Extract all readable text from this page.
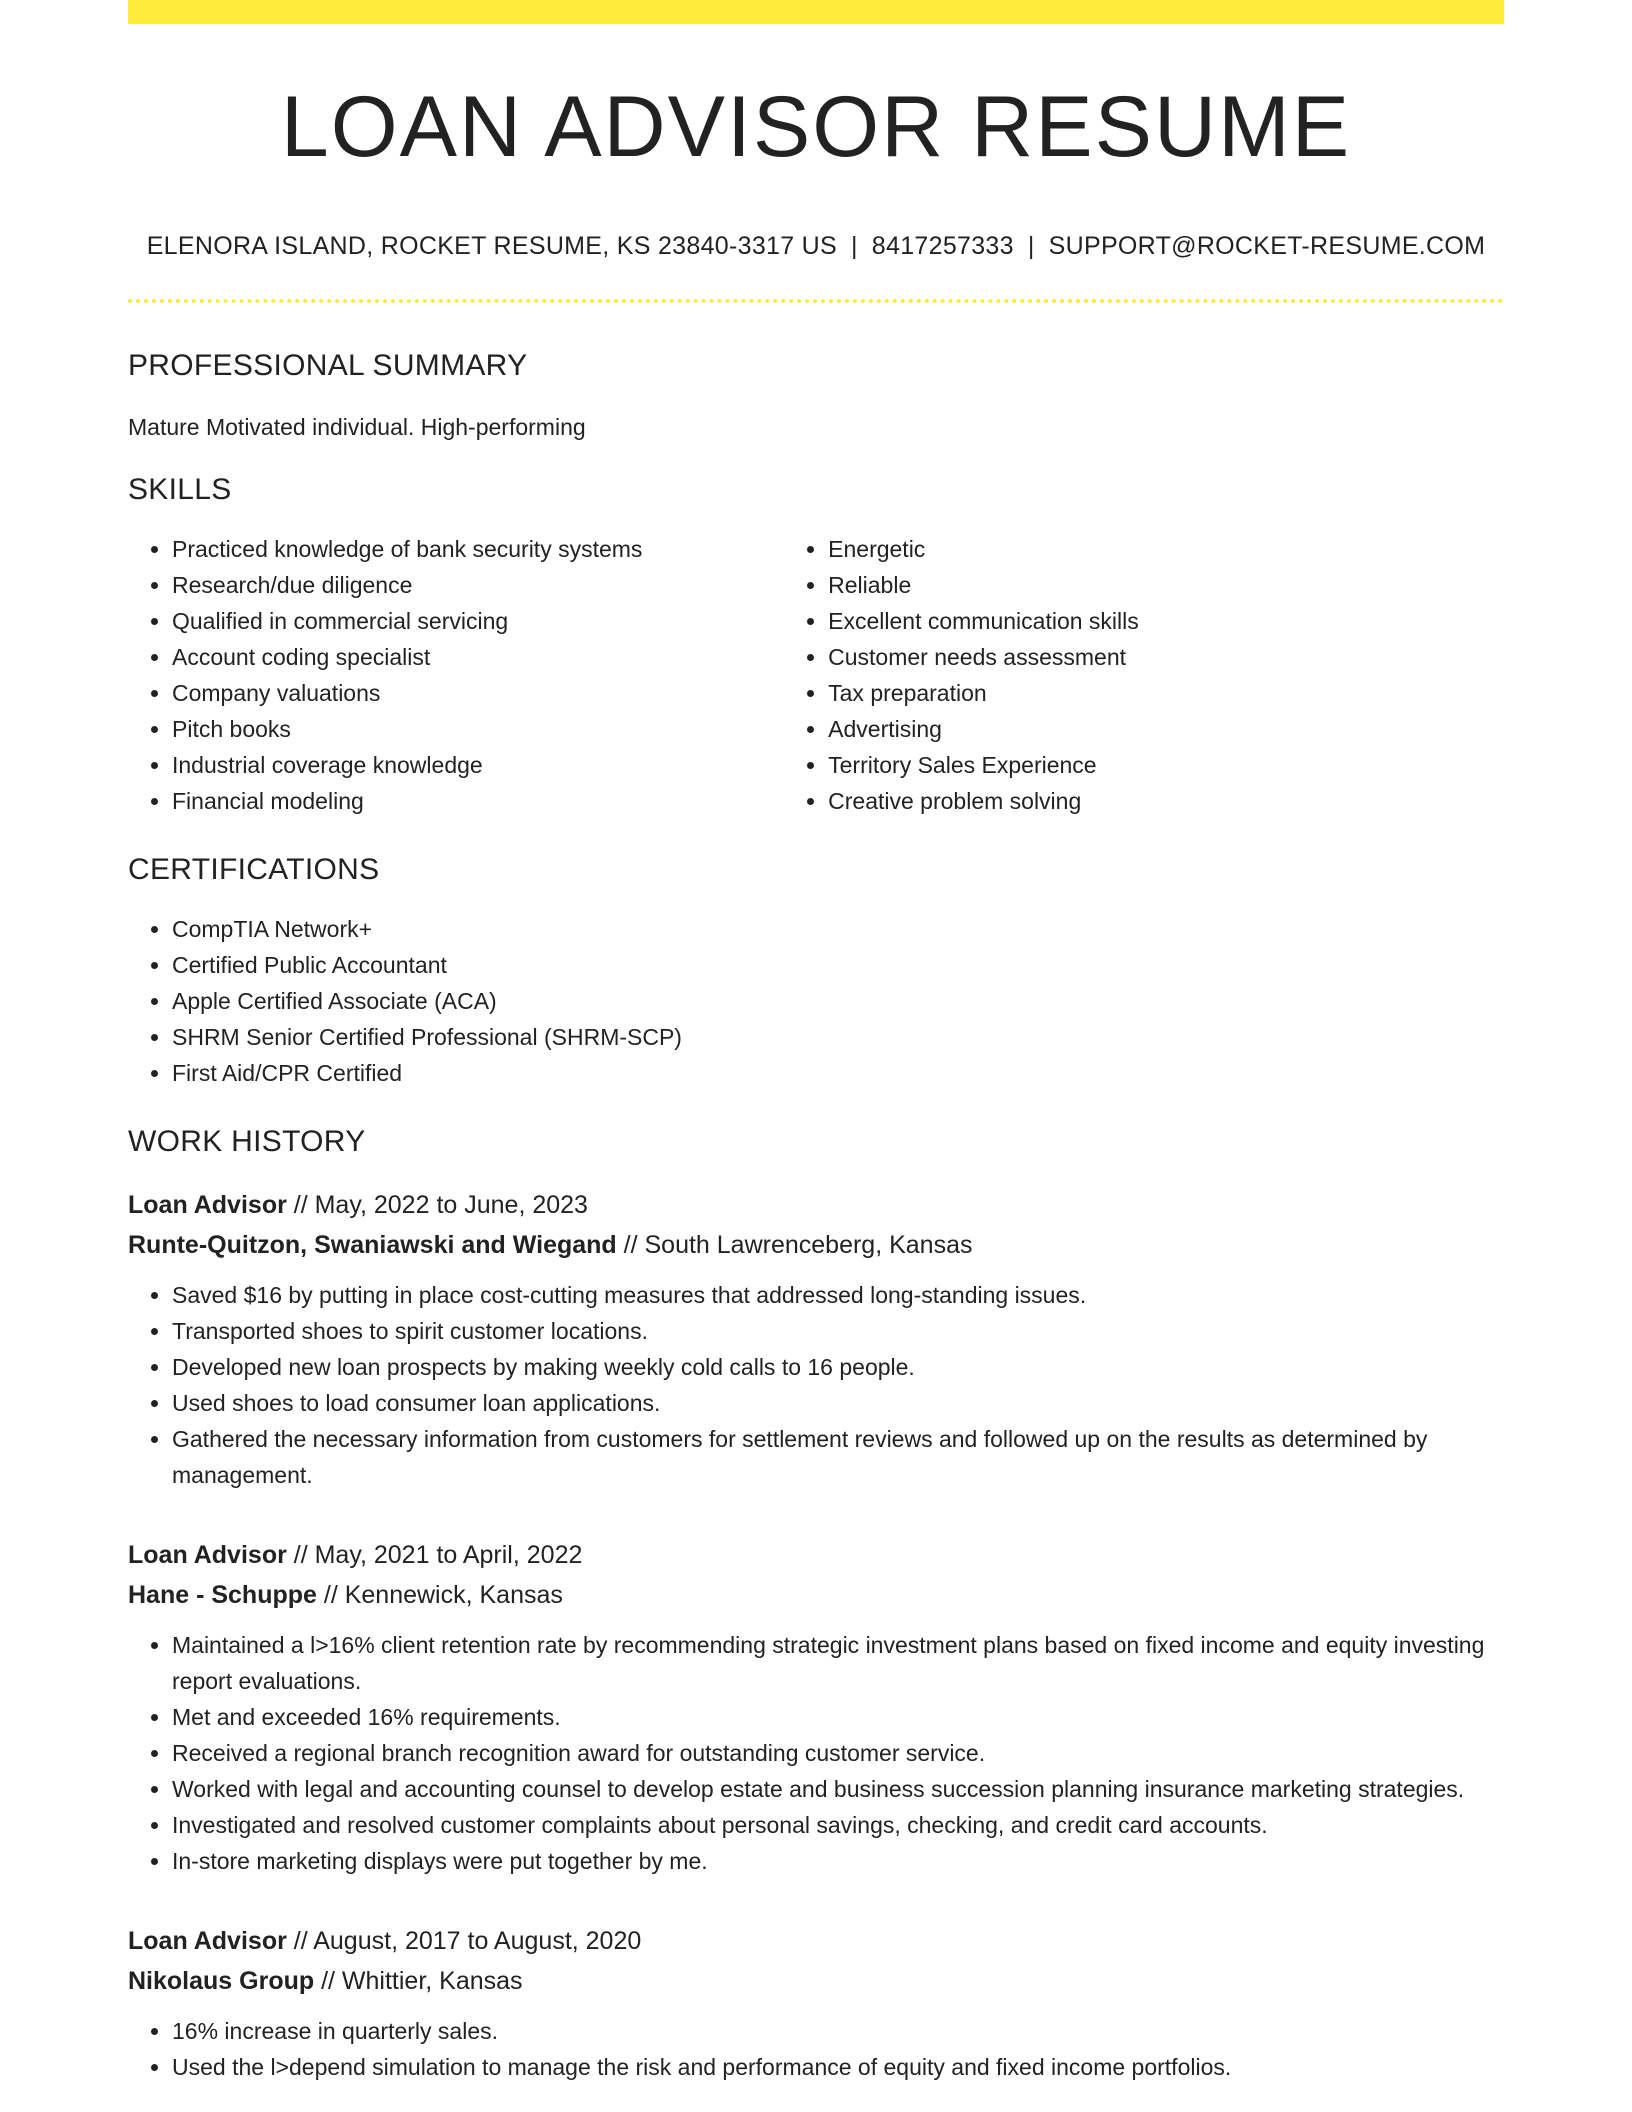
LOAN ADVISOR RESUME
ELENORA ISLAND, ROCKET RESUME, KS 23840-3317 US | 8417257333 | SUPPORT@ROCKET-RESUME.COM
PROFESSIONAL SUMMARY
Mature Motivated individual. High-performing
SKILLS
• Practiced knowledge of bank security systems
• Research/due diligence
• Qualified in commercial servicing
• Account coding specialist
• Company valuations
• Pitch books
• Industrial coverage knowledge
• Financial modeling
• Energetic
• Reliable
• Excellent communication skills
• Customer needs assessment
• Tax preparation
• Advertising
• Territory Sales Experience
• Creative problem solving
CERTIFICATIONS
• CompTIA Network+
• Certified Public Accountant
• Apple Certified Associate (ACA)
• SHRM Senior Certified Professional (SHRM-SCP)
• First Aid/CPR Certified
WORK HISTORY
Loan Advisor // May, 2022 to June, 2023
Runte-Quitzon, Swaniawski and Wiegand // South Lawrenceberg, Kansas
• Saved $16 by putting in place cost-cutting measures that addressed long-standing issues.
• Transported shoes to spirit customer locations.
• Developed new loan prospects by making weekly cold calls to 16 people.
• Used shoes to load consumer loan applications.
• Gathered the necessary information from customers for settlement reviews and followed up on the results as determined by management.
Loan Advisor // May, 2021 to April, 2022
Hane - Schuppe // Kennewick, Kansas
• Maintained a l>16% client retention rate by recommending strategic investment plans based on fixed income and equity investing report evaluations.
• Met and exceeded 16% requirements.
• Received a regional branch recognition award for outstanding customer service.
• Worked with legal and accounting counsel to develop estate and business succession planning insurance marketing strategies.
• Investigated and resolved customer complaints about personal savings, checking, and credit card accounts.
• In-store marketing displays were put together by me.
Loan Advisor // August, 2017 to August, 2020
Nikolaus Group // Whittier, Kansas
• 16% increase in quarterly sales.
• Used the l>depend simulation to manage the risk and performance of equity and fixed income portfolios.
